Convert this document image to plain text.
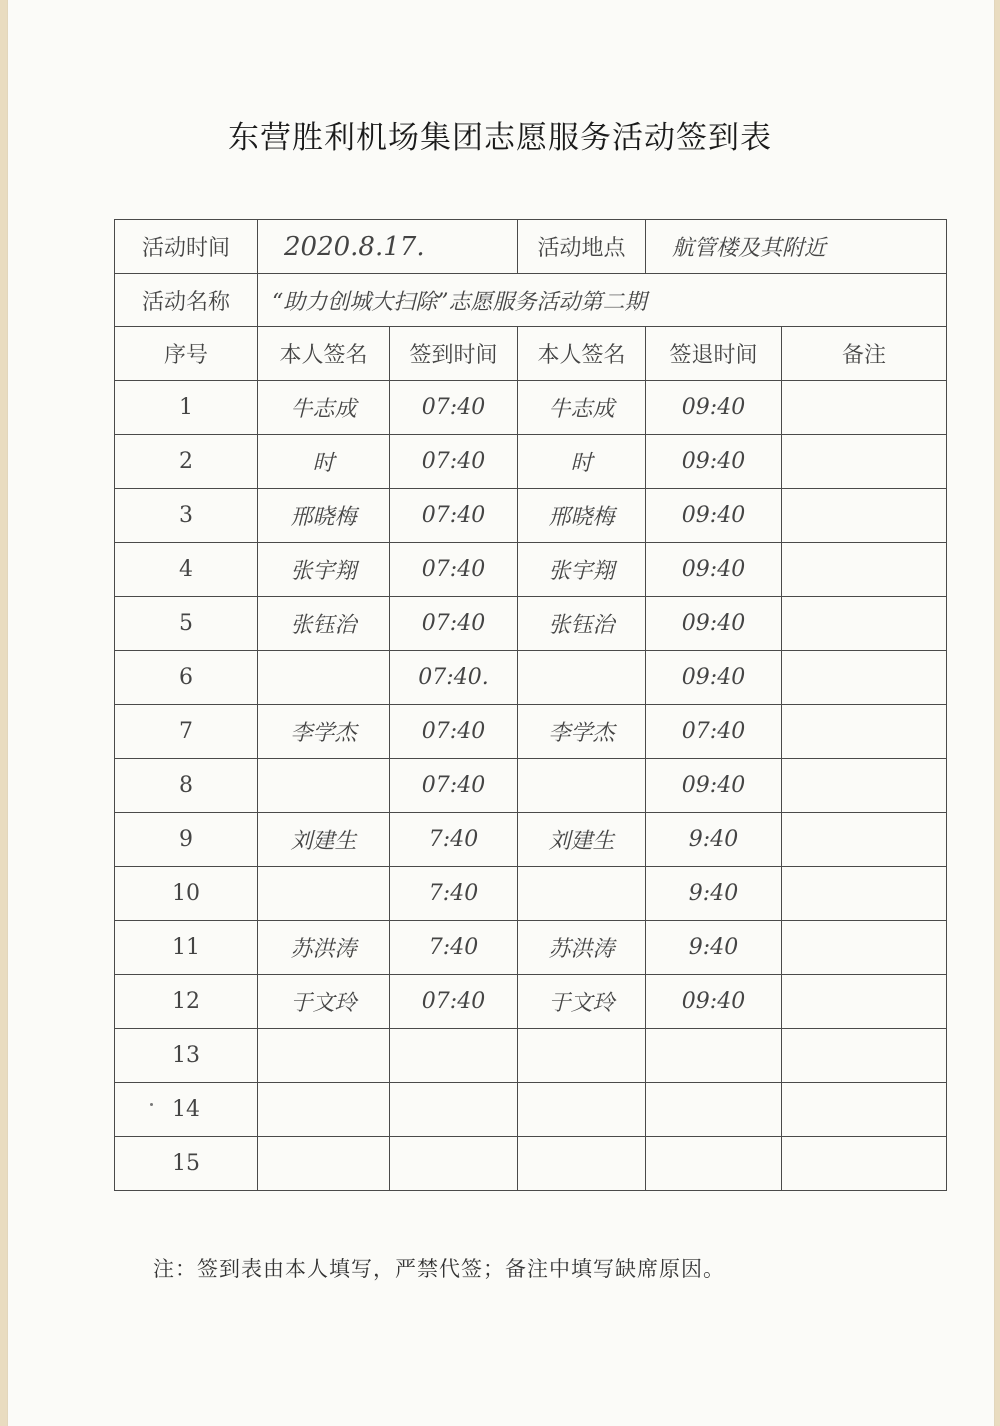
东营胜利机场集团志愿服务活动签到表
活动时间	2020.8.17.		活动地点	航管楼及其附近	
活动名称	“助力创城大扫除”志愿服务活动第二期				
序号	本人签名	签到时间	本人签名	签退时间	备注
1	牛志成	07:40	牛志成	09:40	
2	时	07:40	时	09:40	
3	邢晓梅	07:40	邢晓梅	09:40	
4	张宇翔	07:40	张宇翔	09:40	
5	张钰治	07:40	张钰治	09:40	
6		07:40.		09:40	
7	李学杰	07:40	李学杰	07:40	
8		07:40		09:40	
9	刘建生	7:40	刘建生	9:40	
10		7:40		9:40	
11	苏洪涛	7:40	苏洪涛	9:40	
12	于文玲	07:40	于文玲	09:40	
13					
14					
15					
注：签到表由本人填写，严禁代签；备注中填写缺席原因。
